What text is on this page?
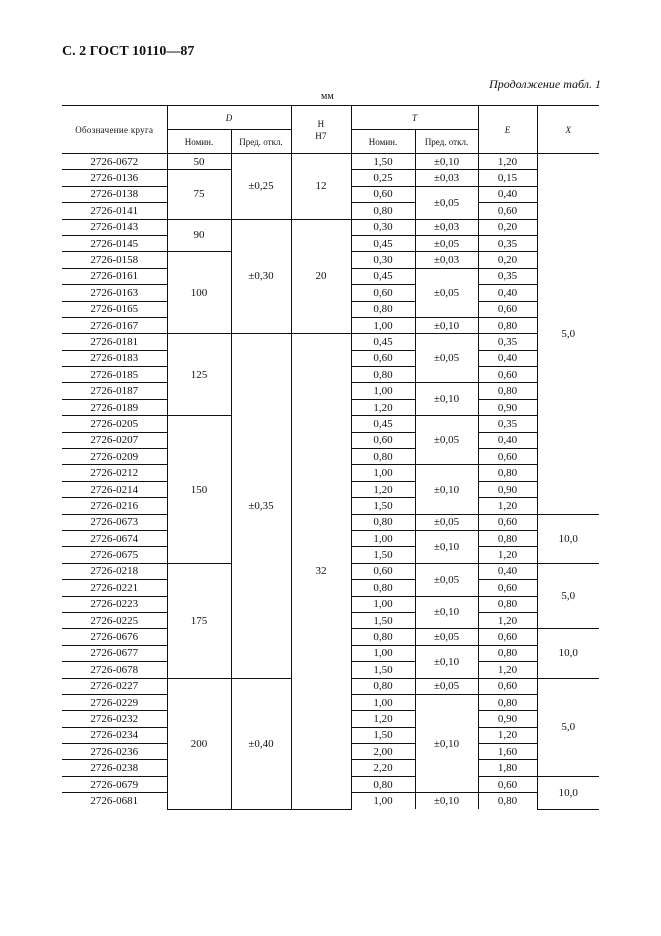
С. 2 ГОСТ 10110—87
Продолжение табл. 1
мм
Обозначение круга	D		H
H7	T		E	X
	Номин.	Пред. откл.		Номин.	Пред. откл.		
2726-0672	50	±0,25	12	1,50	±0,10	1,20	5,0
2726-0136	75			0,25	±0,03	0,15	
2726-0138				0,60	±0,05	0,40	
2726-0141				0,80		0,60	
2726-0143	90	±0,30	20	0,30	±0,03	0,20	
2726-0145				0,45	±0,05	0,35	
2726-0158	100			0,30	±0,03	0,20	
2726-0161				0,45	±0,05	0,35	
2726-0163				0,60		0,40	
2726-0165				0,80		0,60	
2726-0167				1,00	±0,10	0,80	
2726-0181	125	±0,35	32	0,45	±0,05	0,35	
2726-0183				0,60		0,40	
2726-0185				0,80		0,60	
2726-0187				1,00	±0,10	0,80	
2726-0189				1,20		0,90	
2726-0205	150			0,45	±0,05	0,35	
2726-0207				0,60		0,40	
2726-0209				0,80		0,60	
2726-0212				1,00	±0,10	0,80	
2726-0214				1,20		0,90	
2726-0216				1,50		1,20	
2726-0673				0,80	±0,05	0,60	10,0
2726-0674				1,00	±0,10	0,80	
2726-0675				1,50		1,20	
2726-0218	175			0,60	±0,05	0,40	5,0
2726-0221				0,80		0,60	
2726-0223				1,00	±0,10	0,80	
2726-0225				1,50		1,20	
2726-0676				0,80	±0,05	0,60	10,0
2726-0677				1,00	±0,10	0,80	
2726-0678				1,50		1,20	
2726-0227	200	±0,40		0,80	±0,05	0,60	5,0
2726-0229				1,00	±0,10	0,80	
2726-0232				1,20		0,90	
2726-0234				1,50		1,20	
2726-0236				2,00		1,60	
2726-0238				2,20		1,80	
2726-0679				0,80		0,60	10,0
2726-0681				1,00	±0,10	0,80	
